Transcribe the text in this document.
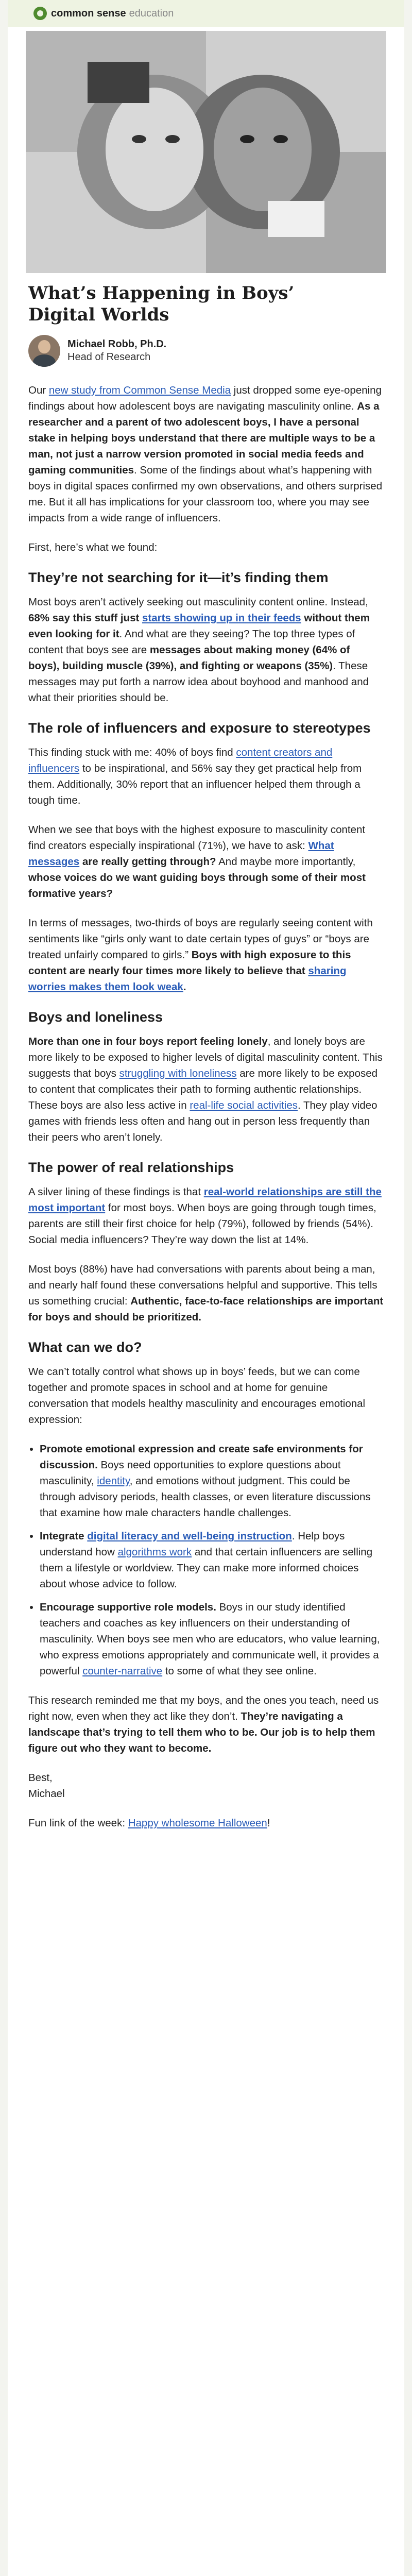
common sense education
What’s Happening in Boys’ Digital Worlds
Michael Robb, Ph.D.
Head of Research

Our new study from Common Sense Media just dropped some eye-opening findings about how adolescent boys are navigating masculinity online. As a researcher and a parent of two adolescent boys, I have a personal stake in helping boys understand that there are multiple ways to be a man, not just a narrow version promoted in social media feeds and gaming communities. Some of the findings about what’s happening with boys in digital spaces confirmed my own observations, and others surprised me. But it all has implications for your classroom too, where you may see impacts from a wide range of influencers.

First, here’s what we found:

They’re not searching for it—it’s finding them

Most boys aren’t actively seeking out masculinity content online. Instead, 68% say this stuff just starts showing up in their feeds without them even looking for it. And what are they seeing? The top three types of content that boys see are messages about making money (64% of boys), building muscle (39%), and fighting or weapons (35%). These messages may put forth a narrow idea about boyhood and manhood and what their priorities should be.

The role of influencers and exposure to stereotypes

This finding stuck with me: 40% of boys find content creators and influencers to be inspirational, and 56% say they get practical help from them. Additionally, 30% report that an influencer helped them through a tough time.

When we see that boys with the highest exposure to masculinity content find creators especially inspirational (71%), we have to ask: What messages are really getting through? And maybe more importantly, whose voices do we want guiding boys through some of their most formative years?

In terms of messages, two-thirds of boys are regularly seeing content with sentiments like “girls only want to date certain types of guys” or “boys are treated unfairly compared to girls.” Boys with high exposure to this content are nearly four times more likely to believe that sharing worries makes them look weak.

Boys and loneliness

More than one in four boys report feeling lonely, and lonely boys are more likely to be exposed to higher levels of digital masculinity content. This suggests that boys struggling with loneliness are more likely to be exposed to content that complicates their path to forming authentic relationships. These boys are also less active in real-life social activities. They play video games with friends less often and hang out in person less frequently than their peers who aren’t lonely.

The power of real relationships

A silver lining of these findings is that real-world relationships are still the most important for most boys. When boys are going through tough times, parents are still their first choice for help (79%), followed by friends (54%). Social media influencers? They’re way down the list at 14%.

Most boys (88%) have had conversations with parents about being a man, and nearly half found these conversations helpful and supportive. This tells us something crucial: Authentic, face-to-face relationships are important for boys and should be prioritized.

What can we do?

We can’t totally control what shows up in boys’ feeds, but we can come together and promote spaces in school and at home for genuine conversation that models healthy masculinity and encourages emotional expression:

• Promote emotional expression and create safe environments for discussion. Boys need opportunities to explore questions about masculinity, identity, and emotions without judgment. This could be through advisory periods, health classes, or even literature discussions that examine how male characters handle challenges.
• Integrate digital literacy and well-being instruction. Help boys understand how algorithms work and that certain influencers are selling them a lifestyle or worldview. They can make more informed choices about whose advice to follow.
• Encourage supportive role models. Boys in our study identified teachers and coaches as key influencers on their understanding of masculinity. When boys see men who are educators, who value learning, who express emotions appropriately and communicate well, it provides a powerful counter-narrative to some of what they see online.

This research reminded me that my boys, and the ones you teach, need us right now, even when they act like they don’t. They’re navigating a landscape that’s trying to tell them who to be. Our job is to help them figure out who they want to become.

Best,
Michael

Fun link of the week: Happy wholesome Halloween!
